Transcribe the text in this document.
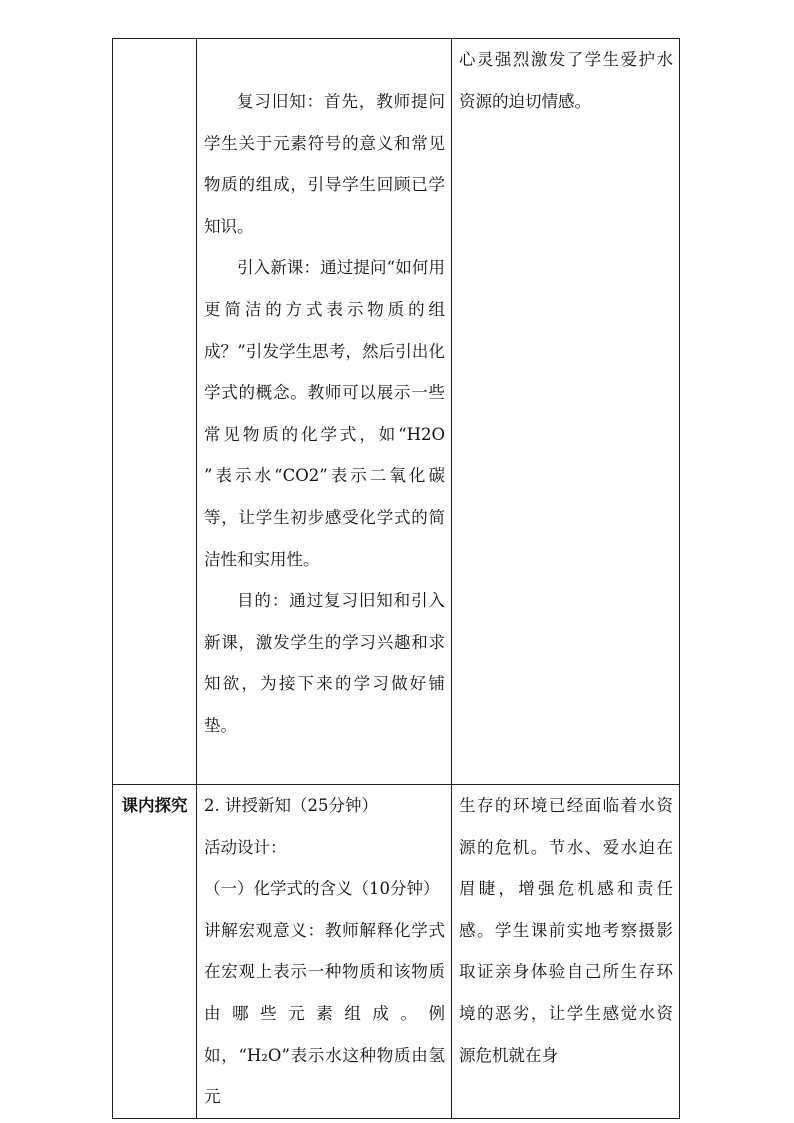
	复习旧知：首先，教师提问学生关于元素符号的意义和常见物质的组成，引导学生回顾已学知识。
引入新课：通过提问“如何用更简洁的方式表示物质的组成？”引发学生思考，然后引出化学式的概念。教师可以展示一些常见物质的化学式，如“H2O ”表示水“CO2”表示二氧化碳等，让学生初步感受化学式的简洁性和实用性。
目的：通过复习旧知和引入新课，激发学生的学习兴趣和求知欲，为接下来的学习做好铺垫。	心灵强烈激发了学生爱护水资源的迫切情感。

课内探究	2. 讲授新知（25分钟）
活动设计：
（一）化学式的含义（10分钟）
讲解宏观意义：教师解释化学式在宏观上表示一种物质和该物质由哪些元素组成。例如，“H₂O”表示水这种物质由氢元	生存的环境已经面临着水资源的危机。节水、爱水迫在眉睫，增强危机感和责任感。学生课前实地考察摄影取证亲身体验自己所生存环境的恶劣，让学生感觉水资源危机就在身
